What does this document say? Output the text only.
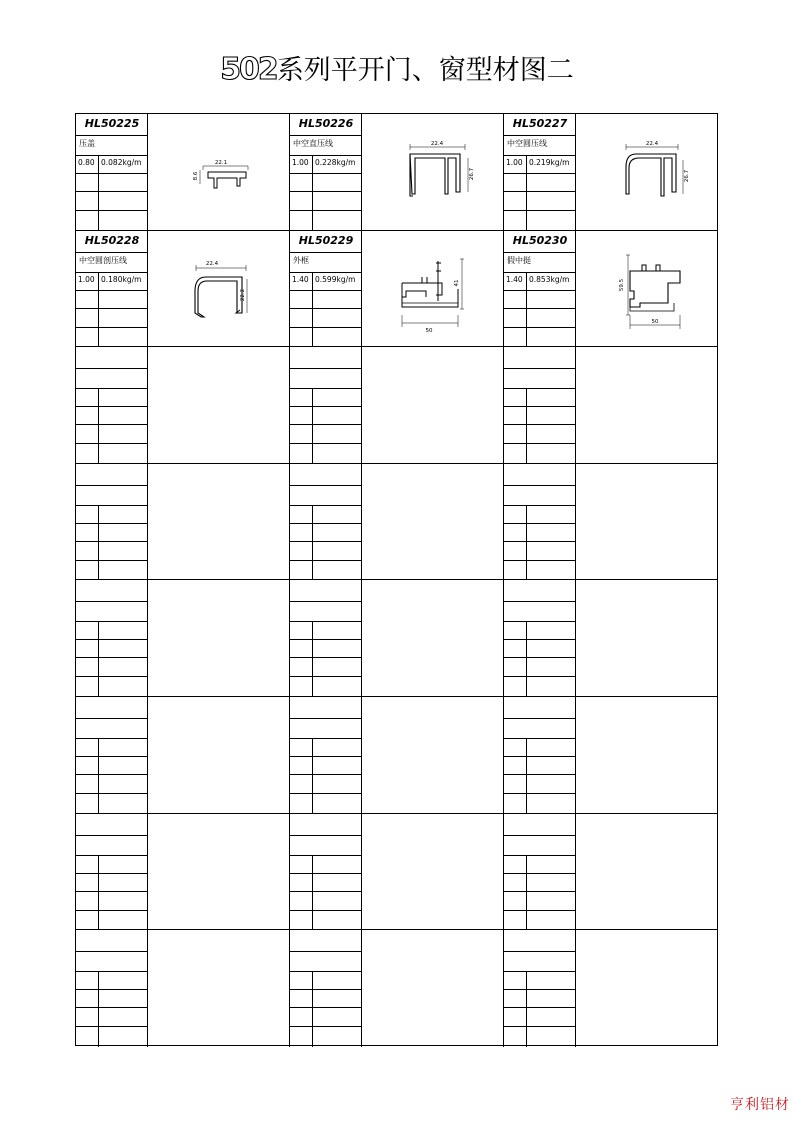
502系列平开门、窗型材图二
HL50225
压盖
0.80 0.082kg/m	22.1
8.6
HL50226
中空直压线
1.00 0.228kg/m
22.4
26.7
HL50227
中空圆压线
1.00 0.219kg/m
22.4
26.7
HL50228
中空圆剖压线
1.00 0.180kg/m
22.4
22.2
HL50229
外框
1.40 0.599kg/m	41
50
HL50230
假中挺
1.40 0.853kg/m	59.5
50
亨利铝材
